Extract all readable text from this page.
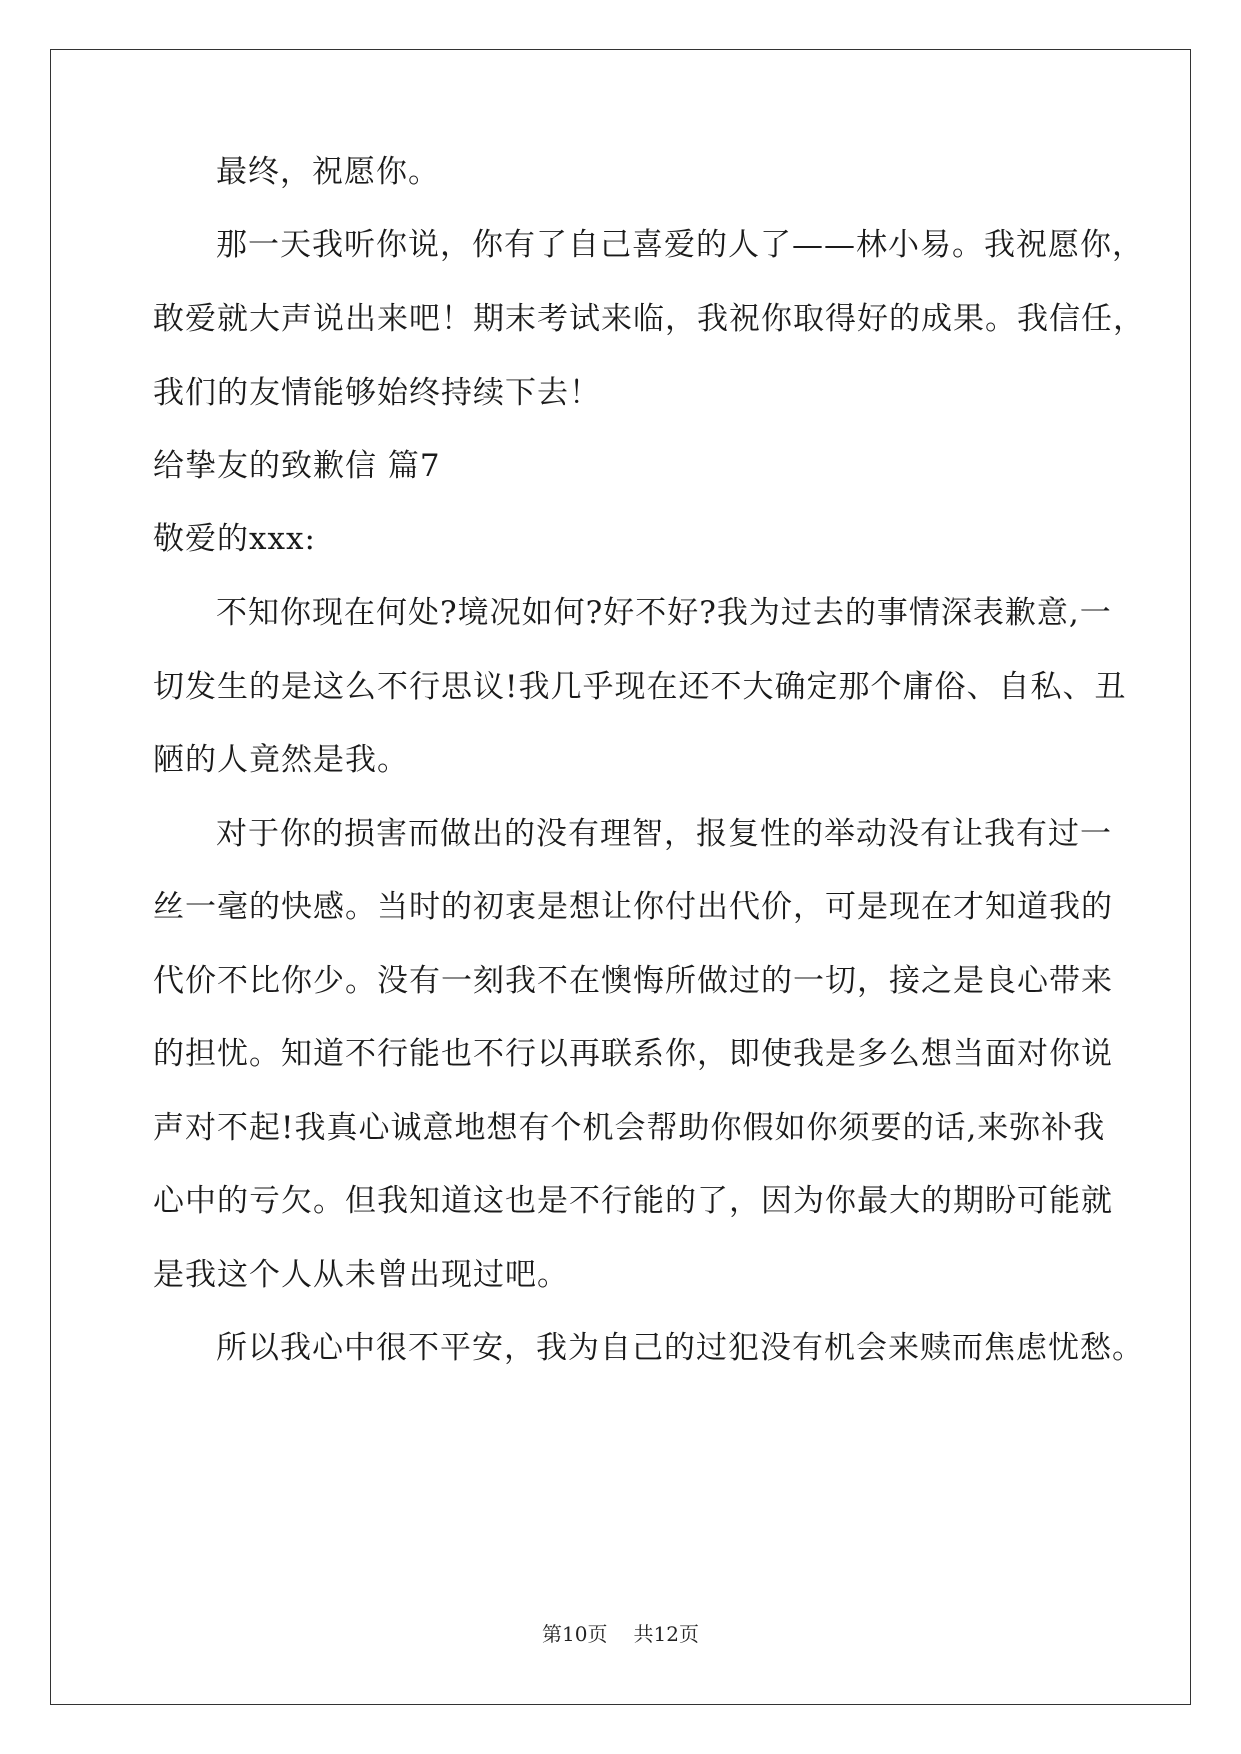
最终，祝愿你。
那一天我听你说，你有了自己喜爱的人了——林小易。我祝愿你，
敢爱就大声说出来吧！期末考试来临，我祝你取得好的成果。我信任，
我们的友情能够始终持续下去！
给挚友的致歉信 篇7
敬爱的xxx:
不知你现在何处?境况如何?好不好?我为过去的事情深表歉意,一
切发生的是这么不行思议!我几乎现在还不大确定那个庸俗、自私、丑
陋的人竟然是我。
对于你的损害而做出的没有理智，报复性的举动没有让我有过一
丝一毫的快感。当时的初衷是想让你付出代价，可是现在才知道我的
代价不比你少。没有一刻我不在懊悔所做过的一切，接之是良心带来
的担忧。知道不行能也不行以再联系你，即使我是多么想当面对你说
声对不起!我真心诚意地想有个机会帮助你假如你须要的话,来弥补我
心中的亏欠。但我知道这也是不行能的了，因为你最大的期盼可能就
是我这个人从未曾出现过吧。
所以我心中很不平安，我为自己的过犯没有机会来赎而焦虑忧愁。
第10页 共12页
